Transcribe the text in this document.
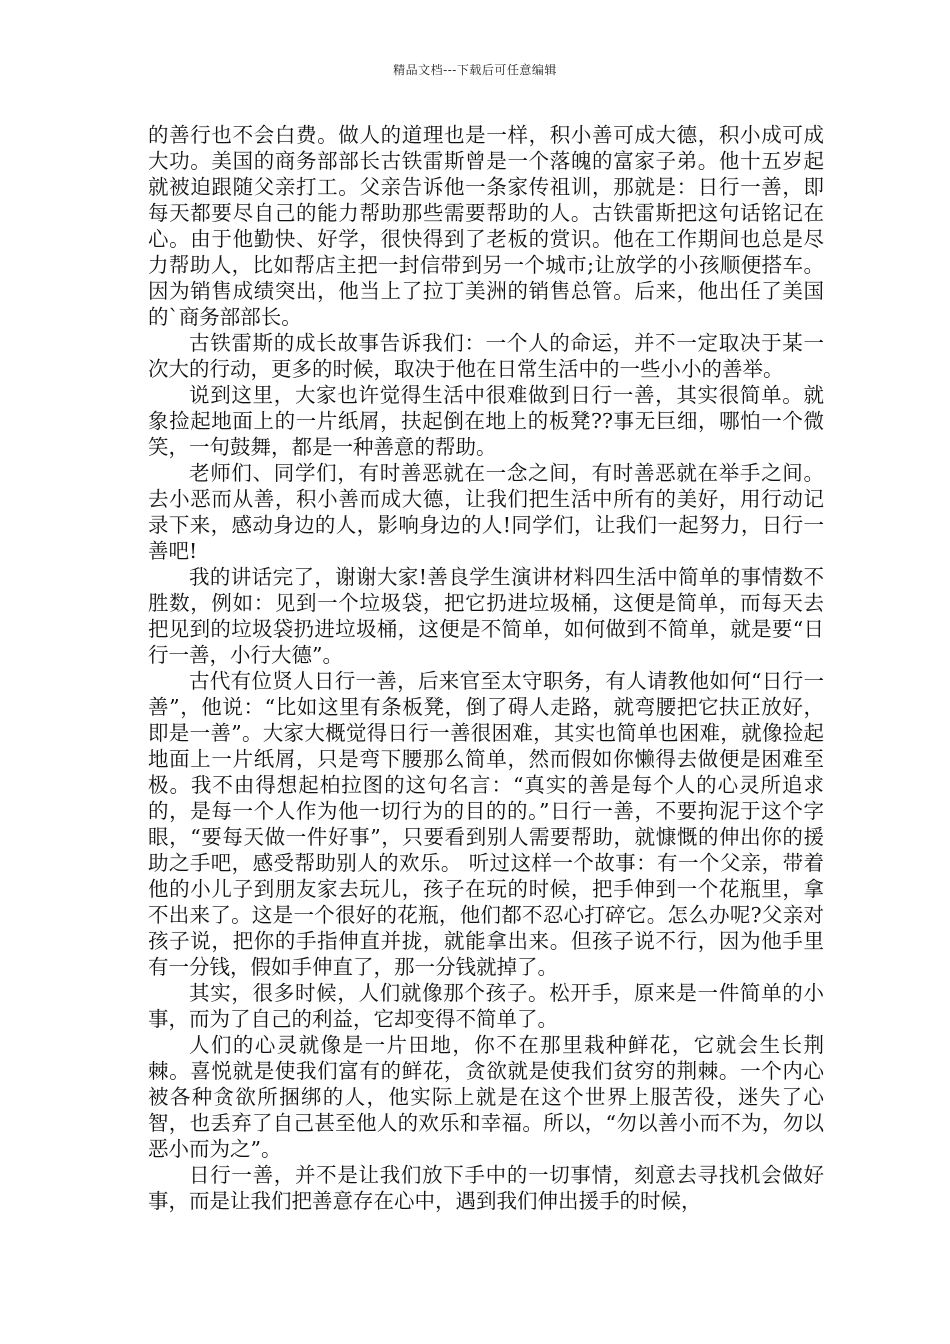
精品文档---下载后可任意编辑

的善行也不会白费。做人的道理也是一样，积小善可成大德，积小成可成大功。美国的商务部部长古铁雷斯曾是一个落魄的富家子弟。他十五岁起就被迫跟随父亲打工。父亲告诉他一条家传祖训，那就是：日行一善，即每天都要尽自己的能力帮助那些需要帮助的人。古铁雷斯把这句话铭记在心。由于他勤快、好学，很快得到了老板的赏识。他在工作期间也总是尽力帮助人，比如帮店主把一封信带到另一个城市;让放学的小孩顺便搭车。因为销售成绩突出，他当上了拉丁美洲的销售总管。后来，他出任了美国的`商务部部长。

古铁雷斯的成长故事告诉我们：一个人的命运，并不一定取决于某一次大的行动，更多的时候，取决于他在日常生活中的一些小小的善举。

说到这里，大家也许觉得生活中很难做到日行一善，其实很简单。就象捡起地面上的一片纸屑，扶起倒在地上的板凳??事无巨细，哪怕一个微笑，一句鼓舞，都是一种善意的帮助。

老师们、同学们，有时善恶就在一念之间，有时善恶就在举手之间。去小恶而从善，积小善而成大德，让我们把生活中所有的美好，用行动记录下来，感动身边的人，影响身边的人!同学们，让我们一起努力，日行一善吧!

我的讲话完了，谢谢大家!善良学生演讲材料四生活中简单的事情数不胜数，例如：见到一个垃圾袋，把它扔进垃圾桶，这便是简单，而每天去把见到的垃圾袋扔进垃圾桶，这便是不简单，如何做到不简单，就是要“日行一善，小行大德”。

古代有位贤人日行一善，后来官至太守职务，有人请教他如何“日行一善”，他说：“比如这里有条板凳，倒了碍人走路，就弯腰把它扶正放好，即是一善”。大家大概觉得日行一善很困难，其实也简单也困难，就像捡起地面上一片纸屑，只是弯下腰那么简单，然而假如你懒得去做便是困难至极。我不由得想起柏拉图的这句名言：“真实的善是每个人的心灵所追求的，是每一个人作为他一切行为的目的的。”日行一善，不要拘泥于这个字眼，“要每天做一件好事”，只要看到别人需要帮助，就慷慨的伸出你的援助之手吧，感受帮助别人的欢乐。 听过这样一个故事：有一个父亲，带着他的小儿子到朋友家去玩儿，孩子在玩的时候，把手伸到一个花瓶里，拿不出来了。这是一个很好的花瓶，他们都不忍心打碎它。怎么办呢?父亲对孩子说，把你的手指伸直并拢，就能拿出来。但孩子说不行，因为他手里有一分钱，假如手伸直了，那一分钱就掉了。

其实，很多时候，人们就像那个孩子。松开手，原来是一件简单的小事，而为了自己的利益，它却变得不简单了。

人们的心灵就像是一片田地，你不在那里栽种鲜花，它就会生长荆棘。喜悦就是使我们富有的鲜花，贪欲就是使我们贫穷的荆棘。一个内心被各种贪欲所捆绑的人，他实际上就是在这个世界上服苦役，迷失了心智，也丢弃了自己甚至他人的欢乐和幸福。所以，“勿以善小而不为，勿以恶小而为之”。

日行一善，并不是让我们放下手中的一切事情，刻意去寻找机会做好事，而是让我们把善意存在心中，遇到我们伸出援手的时候，
